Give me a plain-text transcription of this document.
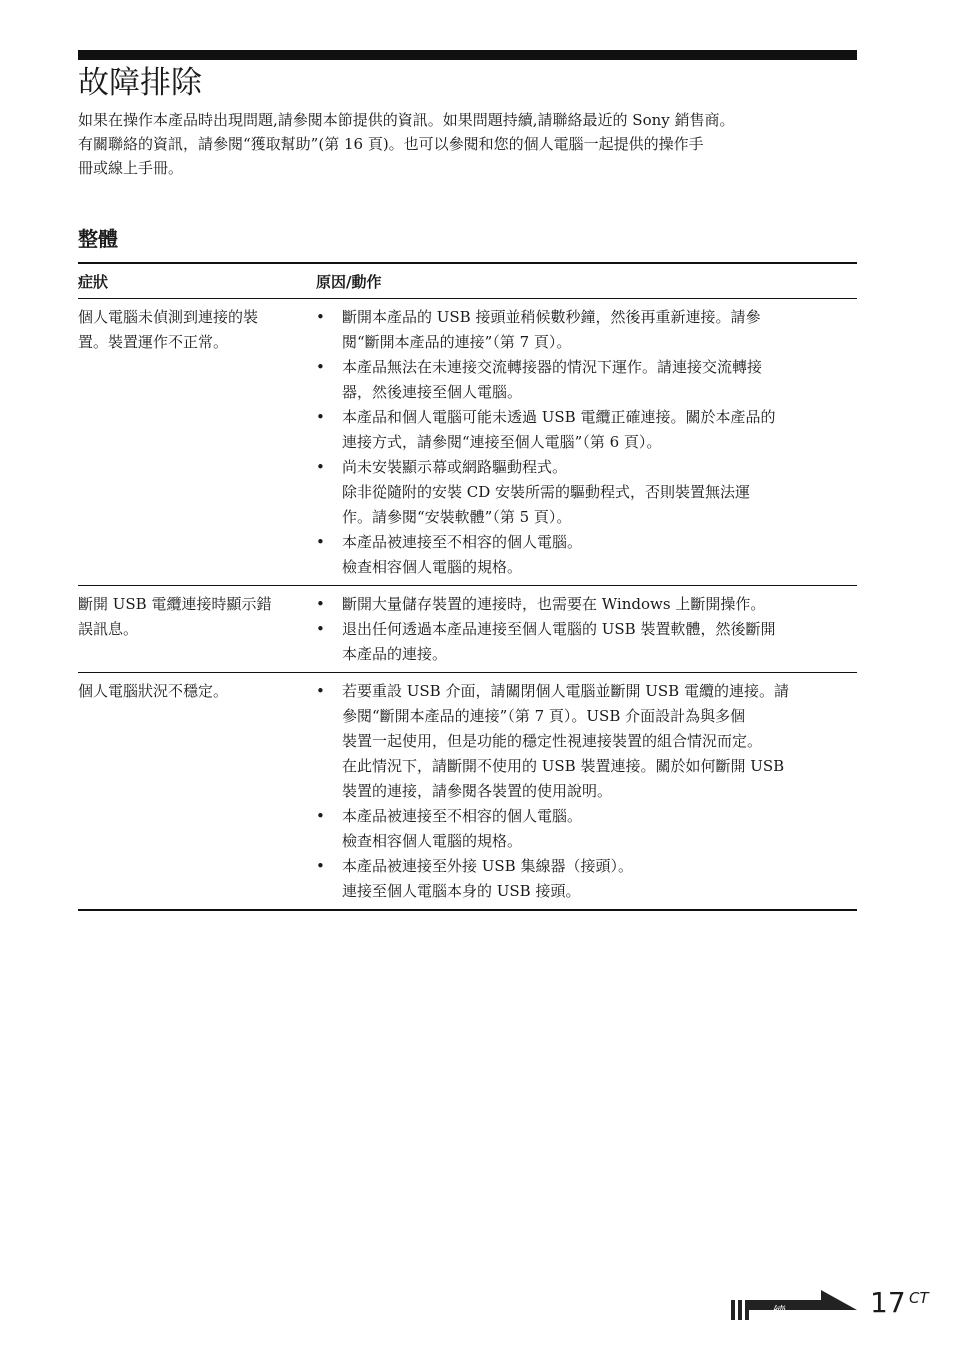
故障排除

如果在操作本產品時出現問題,請參閱本節提供的資訊。如果問題持續,請聯絡最近的 Sony 銷售商。
有關聯絡的資訊，請參閱“獲取幫助”(第 16 頁)。也可以參閱和您的個人電腦一起提供的操作手
冊或線上手冊。

整體
症狀	原因/動作
個人電腦未偵測到連接的裝
置。裝置運作不正常。
• 斷開本產品的 USB 接頭並稍候數秒鐘，然後再重新連接。請參
閱“斷開本產品的連接”（第 7 頁）。
• 本產品無法在未連接交流轉接器的情況下運作。請連接交流轉接
器，然後連接至個人電腦。
• 本產品和個人電腦可能未透過 USB 電纜正確連接。關於本產品的
連接方式，請參閱“連接至個人電腦”（第 6 頁）。
• 尚未安裝顯示幕或網路驅動程式。
除非從隨附的安裝 CD 安裝所需的驅動程式，否則裝置無法運
作。請參閱“安裝軟體”（第 5 頁）。
• 本產品被連接至不相容的個人電腦。
檢查相容個人電腦的規格。
斷開 USB 電纜連接時顯示錯
誤訊息。
• 斷開大量儲存裝置的連接時，也需要在 Windows 上斷開操作。
• 退出任何透過本產品連接至個人電腦的 USB 裝置軟體，然後斷開
本產品的連接。
個人電腦狀況不穩定。
•	若要重設 USB 介面，請關閉個人電腦並斷開 USB 電纜的連接。請
參閱“斷開本產品的連接”（第 7 頁）。USB 介面設計為與多個
裝置一起使用，但是功能的穩定性視連接裝置的組合情況而定。
在此情況下，請斷開不使用的 USB 裝置連接。關於如何斷開 USB
裝置的連接，請參閱各裝置的使用說明。
• 本產品被連接至不相容的個人電腦。
檢查相容個人電腦的規格。
• 本產品被連接至外接 USB 集線器（接頭）。
連接至個人電腦本身的 USB 接頭。
續	17 CT
